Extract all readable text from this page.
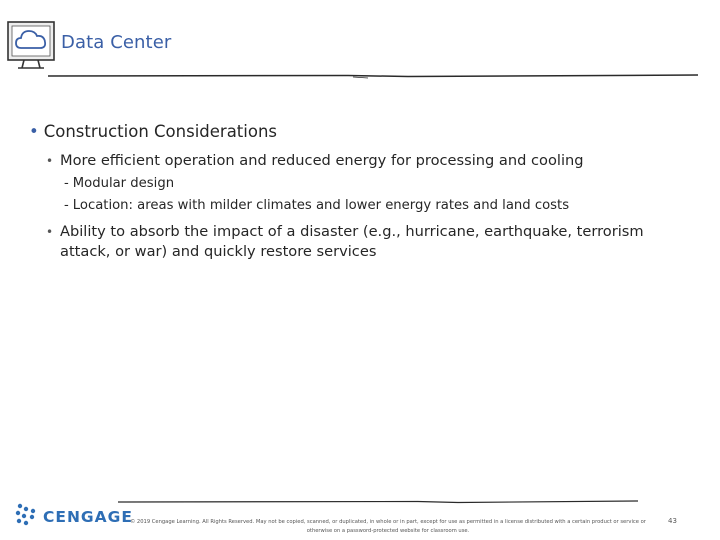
Data Center
• Construction Considerations
• More efficient operation and reduced energy for processing and cooling
- Modular design
- Location: areas with milder climates and lower energy rates and land costs
• Ability to absorb the impact of a disaster (e.g., hurricane, earthquake, terrorism attack, or war) and quickly restore services
CENGAGE
© 2019 Cengage Learning. All Rights Reserved. May not be copied, scanned, or duplicated, in whole or in part, except for use as permitted in a license distributed with a certain product or service or otherwise on a password-protected website for classroom use.
43
